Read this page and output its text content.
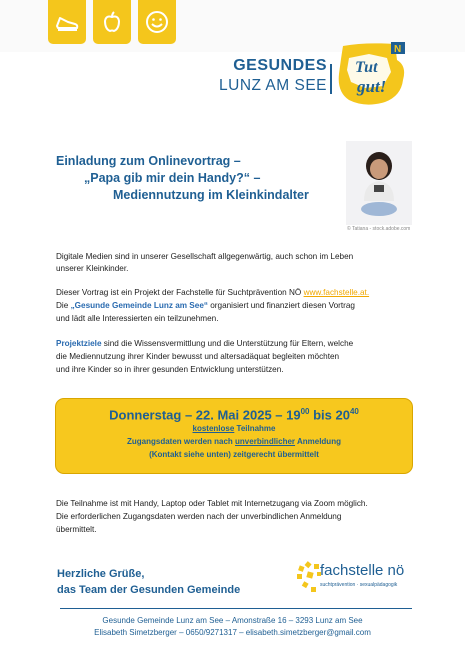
GESUNDES
LUNZ AM SEE
Tut
gut!
N
Einladung zum Onlinevortrag –
„Papa gib mir dein Handy?“ –
Mediennutzung im Kleinkindalter
© Tatiana - stock.adobe.com
Digitale Medien sind in unserer Gesellschaft allgegenwärtig, auch schon im Leben
unserer Kleinkinder.
Dieser Vortrag ist ein Projekt der Fachstelle für Suchtprävention NÖ www.fachstelle.at.
Die „Gesunde Gemeinde Lunz am See“ organisiert und finanziert diesen Vortrag
und lädt alle Interessierten ein teilzunehmen.
Projektziele sind die Wissensvermittlung und die Unterstützung für Eltern, welche
die Mediennutzung ihrer Kinder bewusst und altersadäquat begleiten möchten
und ihre Kinder so in ihrer gesunden Entwicklung unterstützen.
Donnerstag – 22. Mai $2025 - 19^{00}$ bis $20^{40}$
kostenlose Teilnahme
Zugangsdaten werden nach unverbindlicher Anmeldung
(Kontakt siehe unten) zeitgerecht übermittelt
Die Teilnahme ist mit Handy, Laptop oder Tablet mit Internetzugang via Zoom möglich.
Die erforderlichen Zugangsdaten werden nach der unverbindlichen Anmeldung
übermittelt.
Herzliche Grüße,
das Team der Gesunden Gemeinde
fachstelle nö
suchtprävention · sexualpädagogik
Gesunde Gemeinde Lunz am See – Amonstraße 16 – 3293 Lunz am See
Elisabeth Simetzberger – 0650/9271317 – elisabeth.simetzberger@gmail.com
